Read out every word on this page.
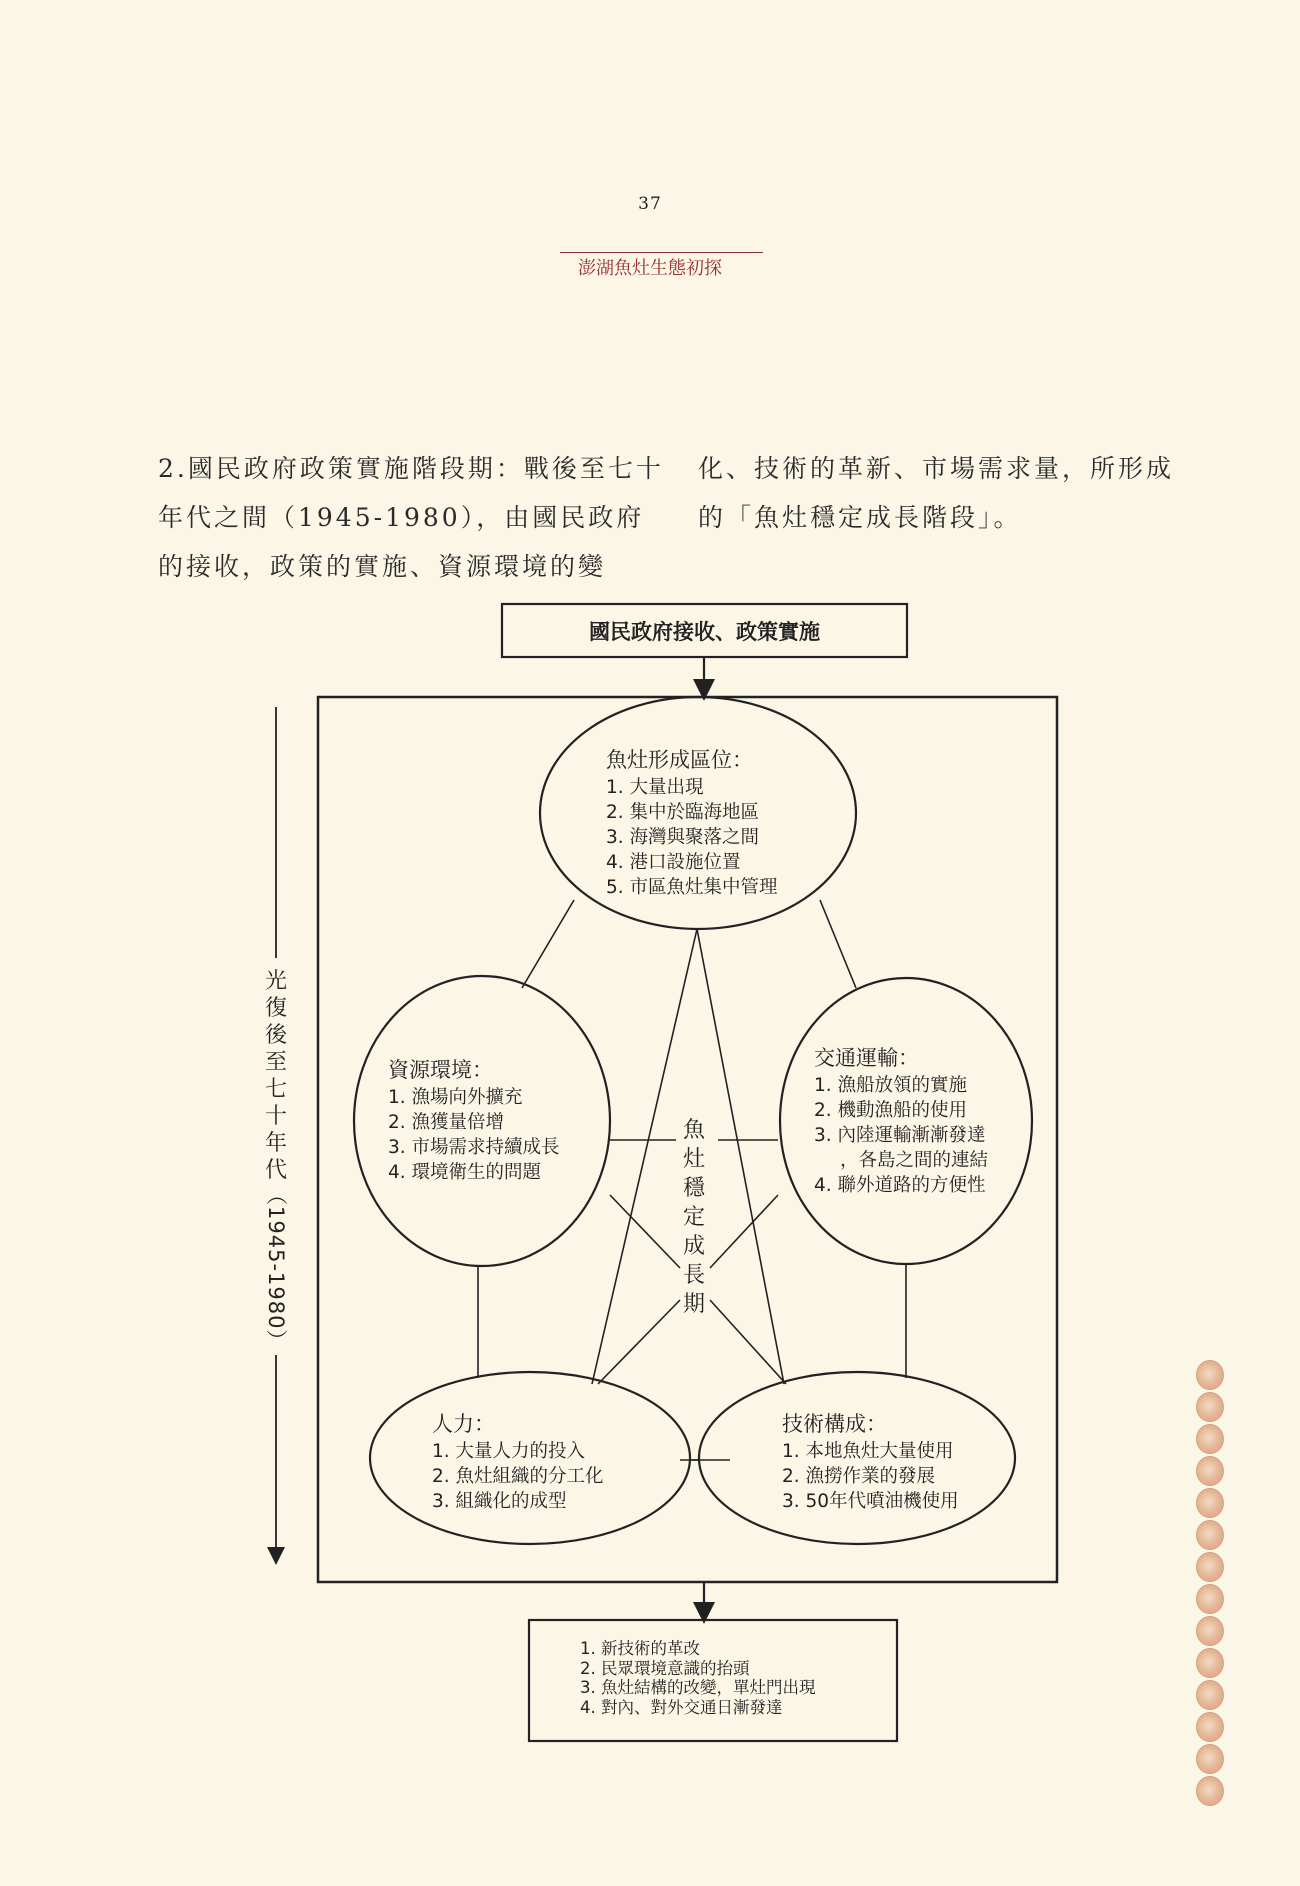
37
澎湖魚灶生態初探
2.國民政府政策實施階段期：戰後至七十
年代之間（1945-1980），由國民政府
的接收，政策的實施、資源環境的變
化、技術的革新、市場需求量，所形成
的「魚灶穩定成長階段」。
國民政府接收、政策實施
光
復
後
至
七
十
年
代
（1945-1980）
魚灶形成區位：
1. 大量出現
2. 集中於臨海地區
3. 海灣與聚落之間
4. 港口設施位置
5. 市區魚灶集中管理
資源環境：
1. 漁場向外擴充
2. 漁獲量倍增
3. 市場需求持續成長
4. 環境衛生的問題
交通運輸：
1. 漁船放領的實施
2. 機動漁船的使用
3. 內陸運輸漸漸發達
，各島之間的連結
4. 聯外道路的方便性
人力：
1. 大量人力的投入
2. 魚灶組織的分工化
3. 組織化的成型
技術構成：
1. 本地魚灶大量使用
2. 漁撈作業的發展
3. 50年代噴油機使用
魚
灶
穩
定
成
長
期
1. 新技術的革改
2. 民眾環境意識的抬頭
3. 魚灶結構的改變，單灶門出現
4. 對內、對外交通日漸發達
